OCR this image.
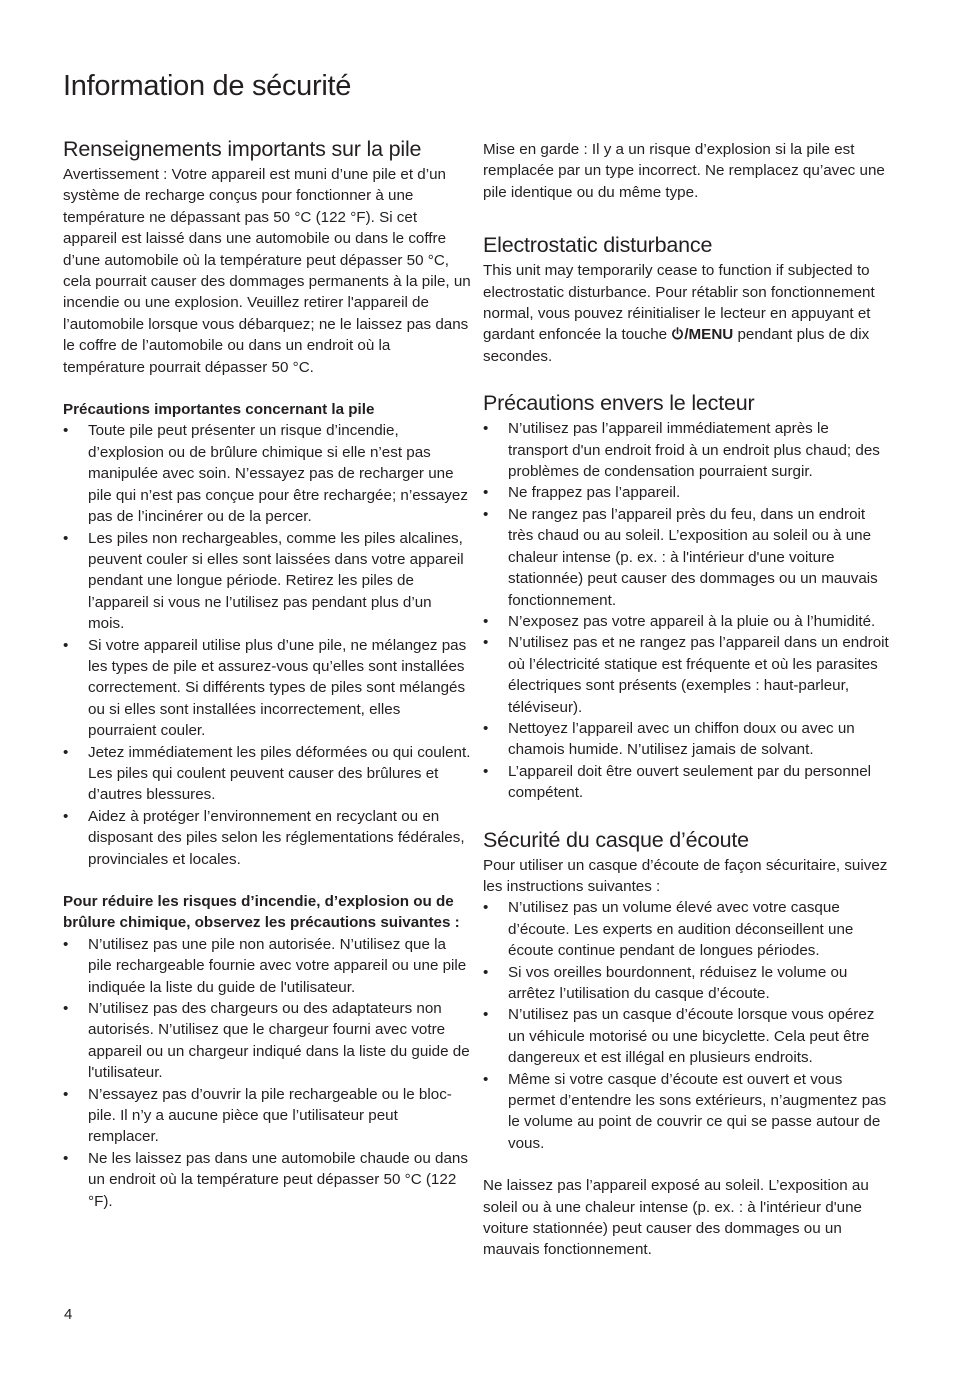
Information de sécurité
Renseignements importants sur la pile

Avertissement : Votre appareil est muni d’une pile et d’un système de recharge conçus pour fonctionner à une température ne dépassant pas 50 °C (122 °F). Si cet appareil est laissé dans une automobile ou dans le coffre d’une automobile où la température peut dépasser 50 °C, cela pourrait causer des dommages permanents à la pile, un incendie ou une explosion. Veuillez retirer l'appareil de l’automobile lorsque vous débarquez; ne le laissez pas dans le coffre de l’automobile ou dans un endroit où la température pourrait dépasser 50 °C.

Précautions importantes concernant la pile

•	Toute pile peut présenter un risque d’incendie, d’explosion ou de brûlure chimique si elle n’est pas manipulée avec soin. N’essayez pas de recharger une pile qui n’est pas conçue pour être rechargée; n’essayez pas de l’incinérer ou de la percer.
•	Les piles non rechargeables, comme les piles alcalines, peuvent couler si elles sont laissées dans votre appareil pendant une longue période. Retirez les piles de l’appareil si vous ne l’utilisez pas pendant plus d’un mois.
•	Si votre appareil utilise plus d’une pile, ne mélangez pas les types de pile et assurez-vous qu’elles sont installées correctement. Si différents types de piles sont mélangés ou si elles sont installées incorrectement, elles pourraient couler.
•	Jetez immédiatement les piles déformées ou qui coulent. Les piles qui coulent peuvent causer des brûlures et d’autres blessures.
•	Aidez à protéger l’environnement en recyclant ou en disposant des piles selon les réglementations fédérales, provinciales et locales.

Pour réduire les risques d’incendie, d’explosion ou de brûlure chimique, observez les précautions suivantes :

•	N’utilisez pas une pile non autorisée. N’utilisez que la pile rechargeable fournie avec votre appareil ou une pile indiquée la liste du guide de l'utilisateur.
•	N’utilisez pas des chargeurs ou des adaptateurs non autorisés. N’utilisez que le chargeur fourni avec votre appareil ou un chargeur indiqué dans la liste du guide de l'utilisateur.
•	N’essayez pas d’ouvrir la pile rechargeable ou le bloc-pile. Il n’y a aucune pièce que l’utilisateur peut remplacer.
•	Ne les laissez pas dans une automobile chaude ou dans un endroit où la température peut dépasser 50 °C (122 °F).

Mise en garde : Il y a un risque d’explosion si la pile est remplacée par un type incorrect. Ne remplacez qu’avec une pile identique ou du même type.

Electrostatic disturbance

This unit may temporarily cease to function if subjected to electrostatic disturbance. Pour rétablir son fonctionnement normal, vous pouvez réinitialiser le lecteur en appuyant et gardant enfoncée la touche /MENU pendant plus de dix secondes.

Précautions envers le lecteur
•	N’utilisez pas l’appareil immédiatement après le transport d'un endroit froid à un endroit plus chaud; des problèmes de condensation pourraient surgir.
•	Ne frappez pas l’appareil.
•	Ne rangez pas l’appareil près du feu, dans un endroit très chaud ou au soleil. L’exposition au soleil ou à une chaleur intense (p. ex. : à l'intérieur d'une voiture stationnée) peut causer des dommages ou un mauvais fonctionnement.
•	N’exposez pas votre appareil à la pluie ou à l’humidité.
•	N’utilisez pas et ne rangez pas l’appareil dans un endroit où l’électricité statique est fréquente et où les parasites électriques sont présents (exemples : haut-parleur, téléviseur).
•	Nettoyez l’appareil avec un chiffon doux ou avec un chamois humide. N’utilisez jamais de solvant.
•	L’appareil doit être ouvert seulement par du personnel compétent.
Sécurité du casque d’écoute

Pour utiliser un casque d’écoute de façon sécuritaire, suivez les instructions suivantes :

•	N’utilisez pas un volume élevé avec votre casque d’écoute. Les experts en audition déconseillent une écoute continue pendant de longues périodes.
•	Si vos oreilles bourdonnent, réduisez le volume ou arrêtez l’utilisation du casque d’écoute.
•	N’utilisez pas un casque d’écoute lorsque vous opérez un véhicule motorisé ou une bicyclette. Cela peut être dangereux et est illégal en plusieurs endroits.
•	Même si votre casque d’écoute est ouvert et vous permet d’entendre les sons extérieurs, n’augmentez pas le volume au point de couvrir ce qui se passe autour de vous.

Ne laissez pas l’appareil exposé au soleil. L’exposition au soleil ou à une chaleur intense (p. ex. : à l'intérieur d'une voiture stationnée) peut causer des dommages ou un mauvais fonctionnement.

4
